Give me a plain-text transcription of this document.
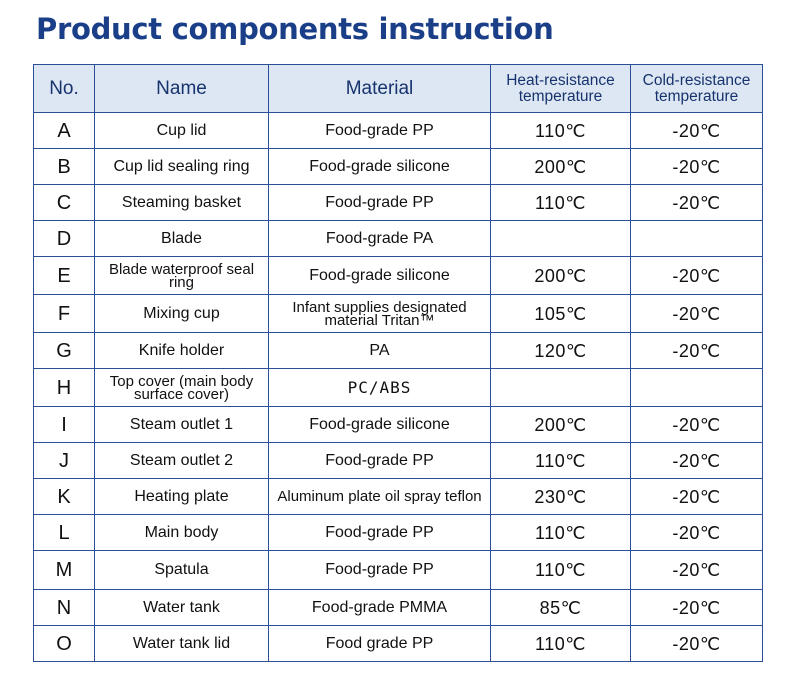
Product components instruction
No.	Name	Material	Heat-resistance temperature	Cold-resistance temperature
A	Cup lid	Food-grade PP	110℃	-20℃
B	Cup lid sealing ring	Food-grade silicone	200℃	-20℃
C	Steaming basket	Food-grade PP	110℃	-20℃
D	Blade	Food-grade PA		
E	Blade waterproof seal ring	Food-grade silicone	200℃	-20℃
F	Mixing cup	Infant supplies designated material Tritan™	105℃	-20℃
G	Knife holder	PA	120℃	-20℃
H	Top cover (main body surface cover)	PC/ABS		
I	Steam outlet 1	Food-grade silicone	200℃	-20℃
J	Steam outlet 2	Food-grade PP	110℃	-20℃
K	Heating plate	Aluminum plate oil spray teflon	230℃	-20℃
L	Main body	Food-grade PP	110℃	-20℃
M	Spatula	Food-grade PP	110℃	-20℃
N	Water tank	Food-grade PMMA	85℃	-20℃
O	Water tank lid	Food grade PP	110℃	-20℃
